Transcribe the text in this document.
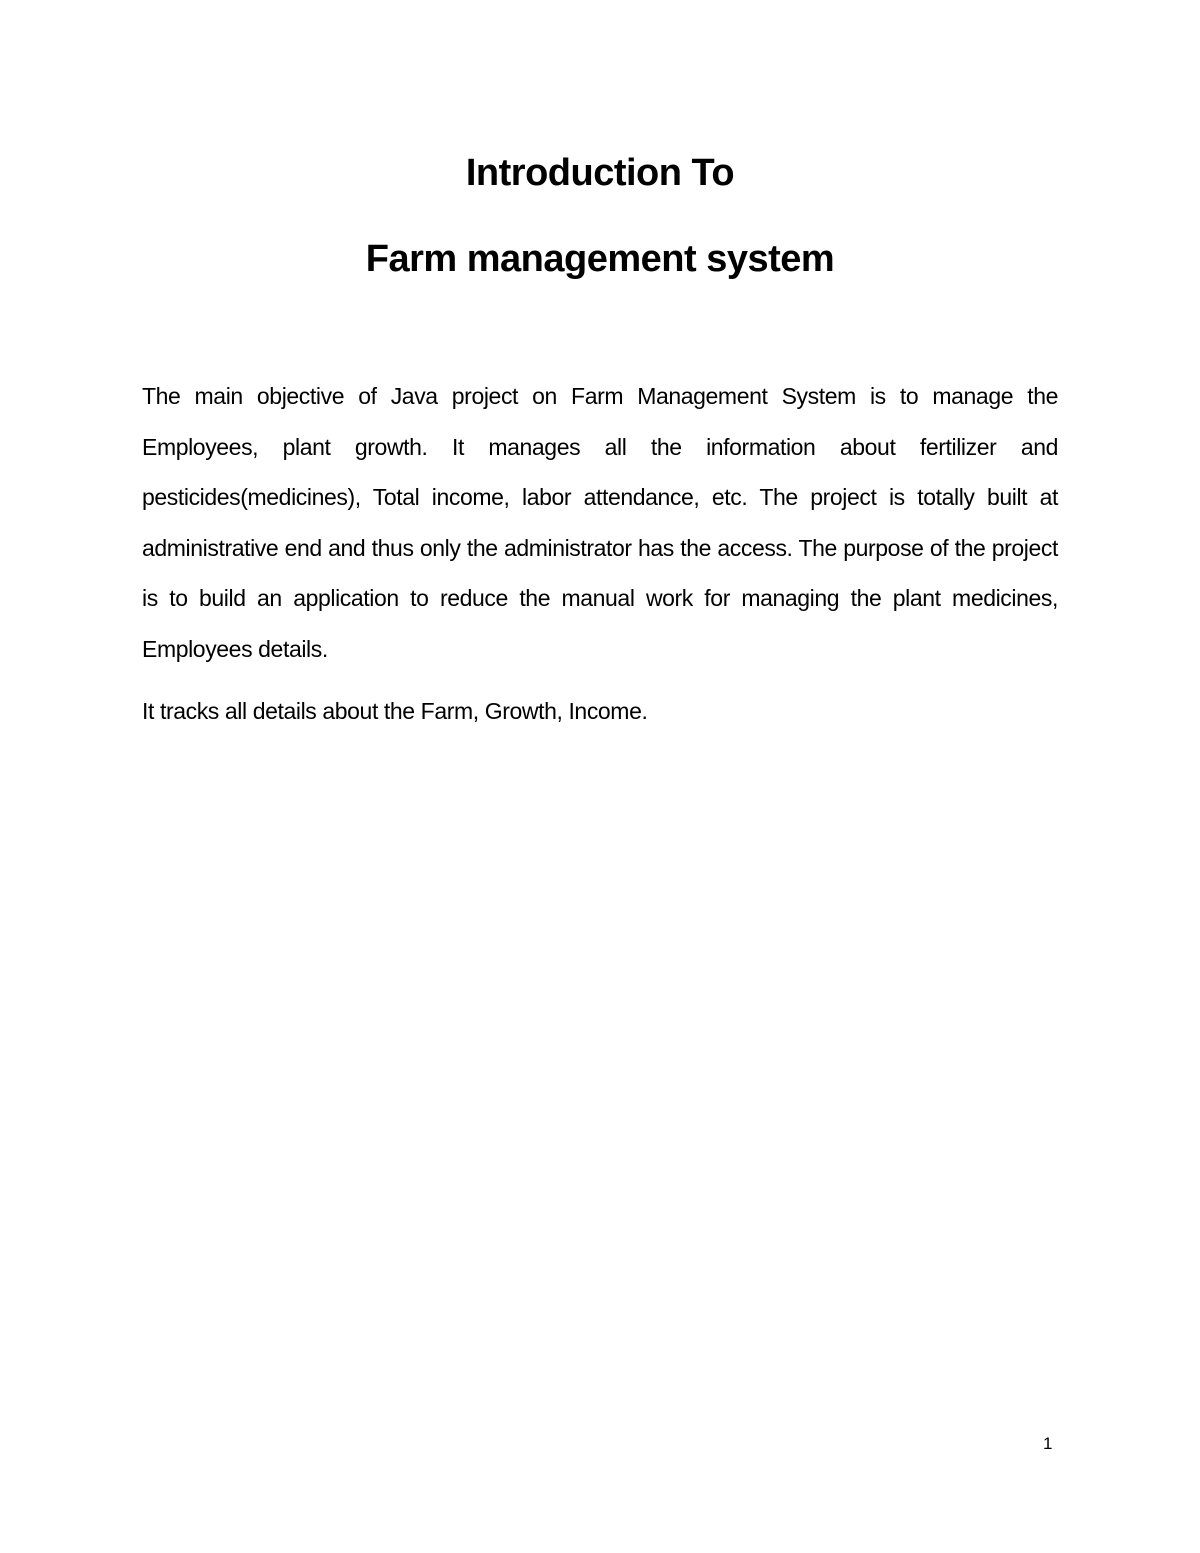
Introduction To
Farm management system

The main objective of Java project on Farm Management System is to manage the Employees, plant growth. It manages all the information about fertilizer and pesticides(medicines), Total income, labor attendance, etc. The project is totally built at administrative end and thus only the administrator has the access. The purpose of the project is to build an application to reduce the manual work for managing the plant medicines, Employees details.

It tracks all details about the Farm, Growth, Income.

1
